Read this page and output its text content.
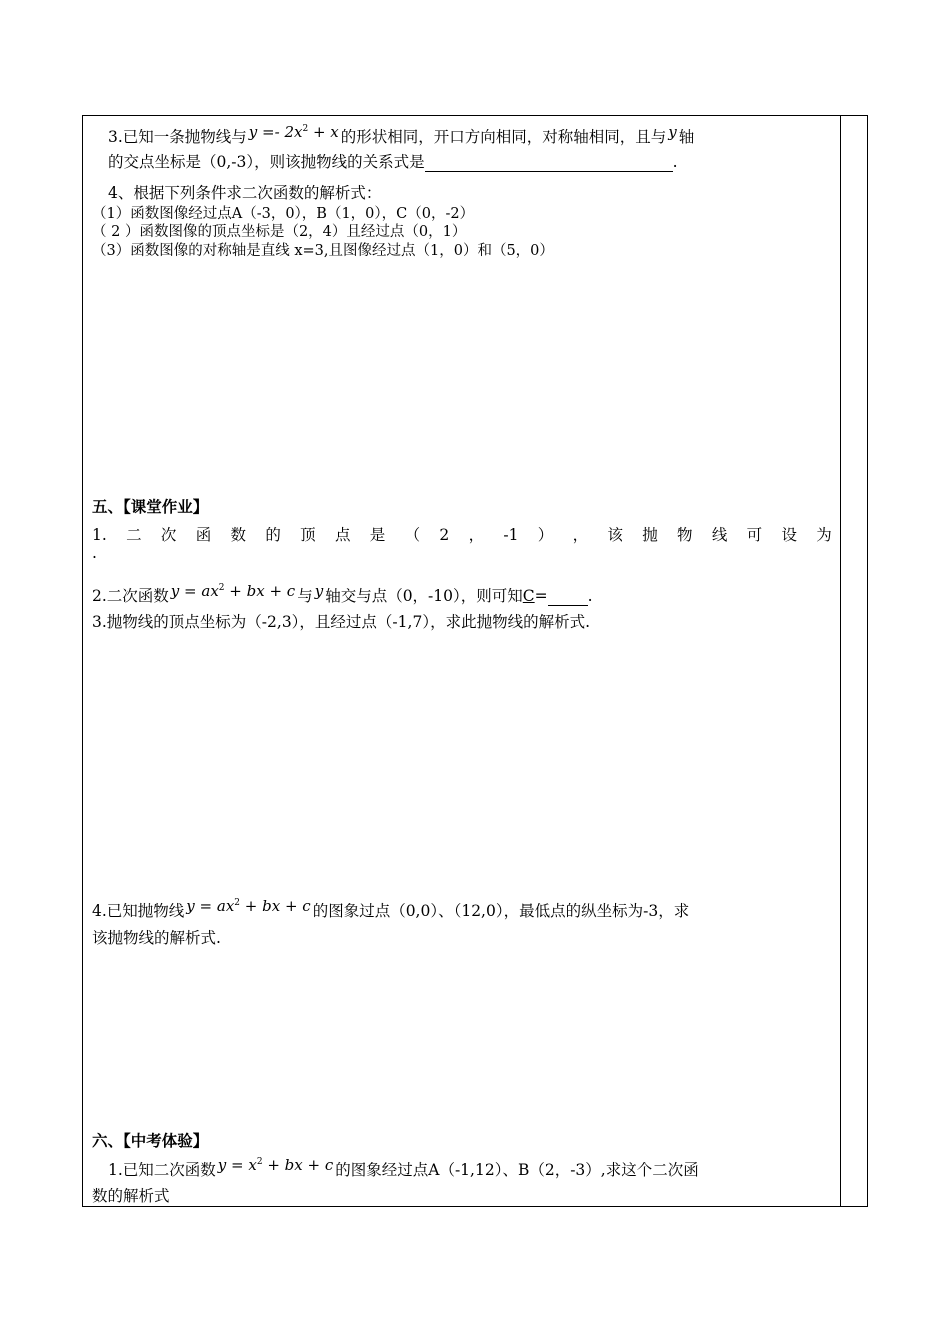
3.已知一条抛物线与 $y =- 2x^2 + x$ 的形状相同，开口方向相同，对称轴相同，且与 y 轴
的交点坐标是（0,-3），则该抛物线的关系式是	.
4、根据下列条件求二次函数的解析式：
（1）函数图像经过点A（-3，0），B（1，0），C（0，-2）
（ 2 ）函数图像的顶点坐标是（2，4）且经过点（0，1）
（3）函数图像的对称轴是直线 x=3,且图像经过点（1，0）和（5，0）
五、【课堂作业】
1. 二 次 函 数 的 顶 点 是 （ 2 ， -1 ） ， 该 抛 物 线 可 设 为
.
2.二次函数 $y = ax^2$ + bx + c 与 y 轴交与点（0，-10），则可知C=	.
3.抛物线的顶点坐标为（-2,3），且经过点（-1,7），求此抛物线的解析式.
4.已知抛物线 $y = ax^2$ + bx + c 的图象过点（0,0）、（12,0），最低点的纵坐标为-3，求
该抛物线的解析式.
六、【中考体验】
1.已知二次函数 $y = x^2$ + bx + c 的图象经过点A（-1,12）、B（2，-3）,求这个二次函
数的解析式
